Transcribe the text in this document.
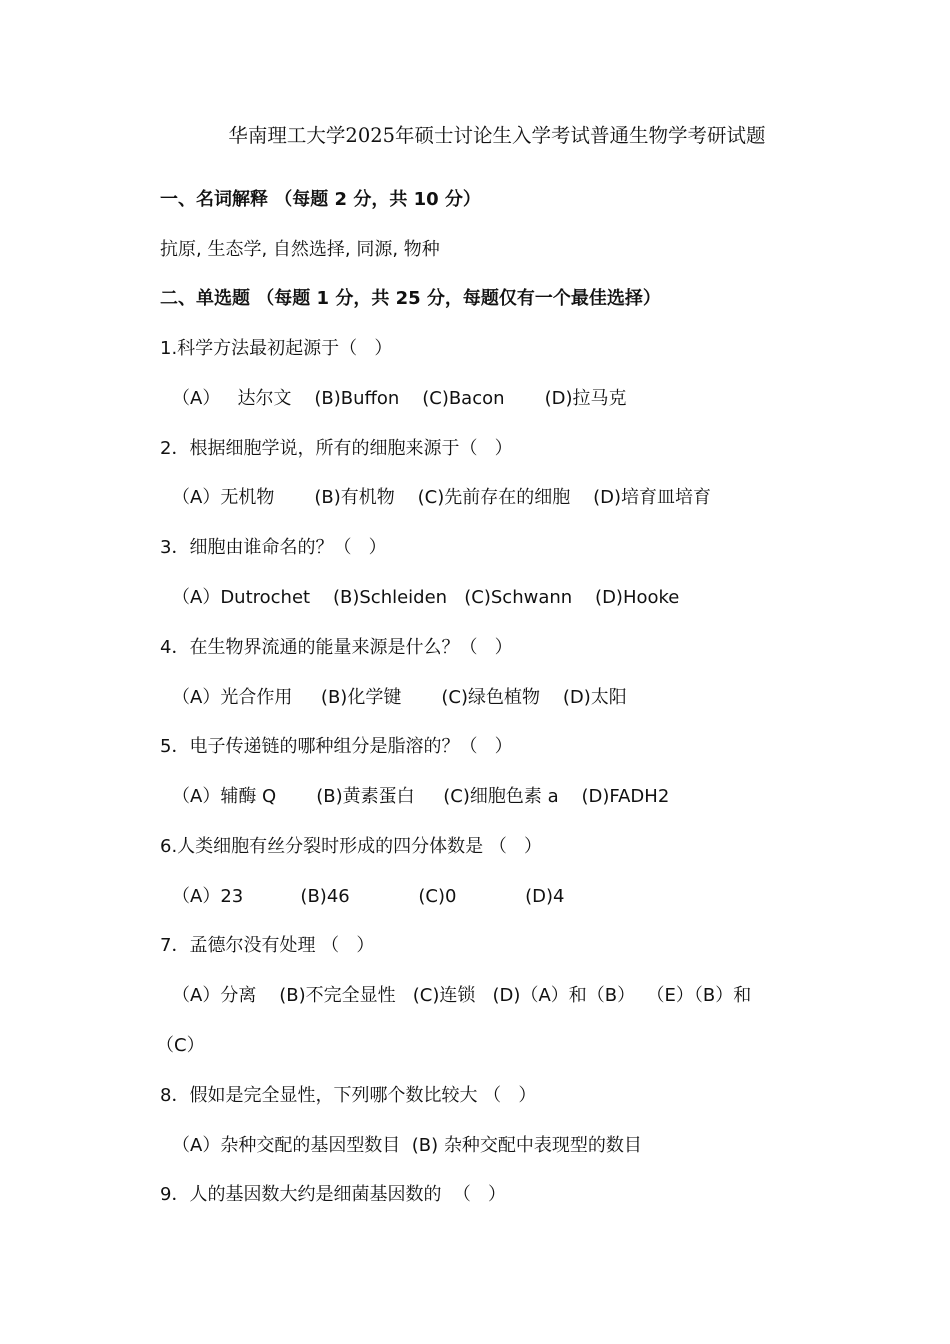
华南理工大学2025年硕士讨论生入学考试普通生物学考研试题
一、名词解释 （每题 2 分，共 10 分）
抗原, 生态学, 自然选择, 同源, 物种
二、单选题 （每题 1 分，共 25 分，每题仅有一个最佳选择）
1.科学方法最初起源于（   ）
（A）   达尔文    (B)Buffon    (C)Bacon       (D)拉马克
2．根据细胞学说，所有的细胞来源于（   ）
（A）无机物       (B)有机物    (C)先前存在的细胞    (D)培育皿培育
3．细胞由谁命名的？（   ）
（A）Dutrochet    (B)Schleiden   (C)Schwann    (D)Hooke
4．在生物界流通的能量来源是什么？（   ）
（A）光合作用     (B)化学键       (C)绿色植物    (D)太阳
5．电子传递链的哪种组分是脂溶的？（   ）
（A）辅酶 Q       (B)黄素蛋白     (C)细胞色素 a    (D)FADH2
6.人类细胞有丝分裂时形成的四分体数是 （   ）
（A）23          (B)46            (C)0            (D)4
7．孟德尔没有处理 （   ）
（A）分离    (B)不完全显性   (C)连锁   (D)（A）和（B）  （E）（B）和
（C）
8．假如是完全显性，下列哪个数比较大 （   ）
（A）杂种交配的基因型数目  (B) 杂种交配中表现型的数目
9．人的基因数大约是细菌基因数的  （   ）
